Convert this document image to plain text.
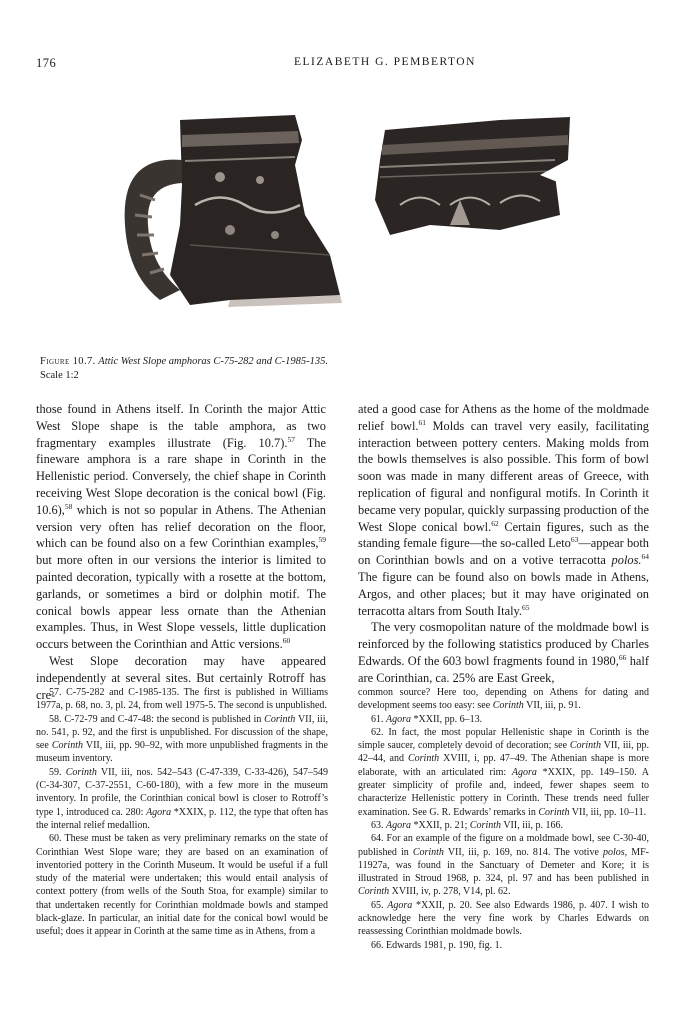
176	ELIZABETH G. PEMBERTON
Figure 10.7. Attic West Slope amphoras C-75-282 and C-1985-135. Scale 1:2

those found in Athens itself. In Corinth the major Attic West Slope shape is the table amphora, as two fragmentary examples illustrate (Fig. 10.7).$^{57}$ The fineware amphora is a rare shape in Corinth in the Hellenistic period. Conversely, the chief shape in Corinth receiving West Slope decoration is the conical bowl (Fig. 10.6),$^{58}$ which is not so popular in Athens. The Athenian version very often has relief decoration on the floor, which can be found also on a few Corinthian examples,$^{59}$ but more often in our versions the interior is limited to painted decoration, typically with a rosette at the bottom, garlands, or sometimes a bird or dolphin motif. The conical bowls appear less ornate than the Athenian examples. Thus, in West Slope vessels, little duplication occurs between the Corinthian and Attic versions.$^{60}$

West Slope decoration may have appeared independently at several sites. But certainly Rotroff has cre-

ated a good case for Athens as the home of the moldmade relief bowl.$^{61}$ Molds can travel very easily, facilitating interaction between pottery centers. Making molds from the bowls themselves is also possible. This form of bowl soon was made in many different areas of Greece, with replication of figural and nonfigural motifs. In Corinth it became very popular, quickly surpassing production of the West Slope conical bowl.$^{62}$ Certain figures, such as the standing female figure—the so-called Leto$^{63}$—appear both on Corinthian bowls and on a votive terracotta polos.$^{64}$ The figure can be found also on bowls made in Athens, Argos, and other places; but it may have originated on terracotta altars from South Italy.$^{65}$

The very cosmopolitan nature of the moldmade bowl is reinforced by the following statistics produced by Charles Edwards. Of the 603 bowl fragments found in 1980,66 half are Corinthian, ca. 25% are East Greek,

57. C-75-282 and C-1985-135. The first is published in Williams 1977a, p. 68, no. 3, pl. 24, from well 1975-5. The second is unpublished.

58. C-72-79 and C-47-48: the second is published in Corinth VII, iii, no. 541, p. 92, and the first is unpublished. For discussion of the shape, see Corinth VII, iii, pp. 90–92, with more unpublished fragments in the museum inventory.

59. Corinth VII, iii, nos. 542–543 (C-47-339, C-33-426), 547–549 (C-34-307, C-37-2551, C-60-180), with a few more in the museum inventory. In profile, the Corinthian conical bowl is closer to Rotroff’s type 1, introduced ca. 280: Agora *XXIX, p. 112, the type that often has the internal relief medallion.

60. These must be taken as very preliminary remarks on the state of Corinthian West Slope ware; they are based on an examination of inventoried pottery in the Corinth Museum. It would be useful if a full study of the material were undertaken; this would entail analysis of context pottery (from wells of the South Stoa, for example) similar to that undertaken recently for Corinthian moldmade bowls and stamped black-glaze. In particular, an initial date for the conical bowl would be useful; does it appear in Corinth at the same time as in Athens, from a

common source? Here too, depending on Athens for dating and development seems too easy: see Corinth VII, iii, p. 91.

61. Agora *XXII, pp. 6–13.

62. In fact, the most popular Hellenistic shape in Corinth is the simple saucer, completely devoid of decoration; see Corinth VII, iii, pp. 42–44, and Corinth XVIII, i, pp. 47–49. The Athenian shape is more elaborate, with an articulated rim: Agora *XXIX, pp. 149–150. A greater simplicity of profile and, indeed, fewer shapes seem to characterize Hellenistic pottery in Corinth. These trends need fuller examination. See G. R. Edwards’ remarks in Corinth VII, iii, pp. 10–11.

63. Agora *XXII, p. 21; Corinth VII, iii, p. 166.

64. For an example of the figure on a moldmade bowl, see C-30-40, published in Corinth VII, iii, p. 169, no. 814. The votive polos, MF-11927a, was found in the Sanctuary of Demeter and Kore; it is illustrated in Stroud 1968, p. 324, pl. 97 and has been published in Corinth XVIII, iv, p. 278, V14, pl. 62.

65. Agora *XXII, p. 20. See also Edwards 1986, p. 407. I wish to acknowledge here the very fine work by Charles Edwards on reassessing Corinthian moldmade bowls.

66. Edwards 1981, p. 190, fig. 1.
